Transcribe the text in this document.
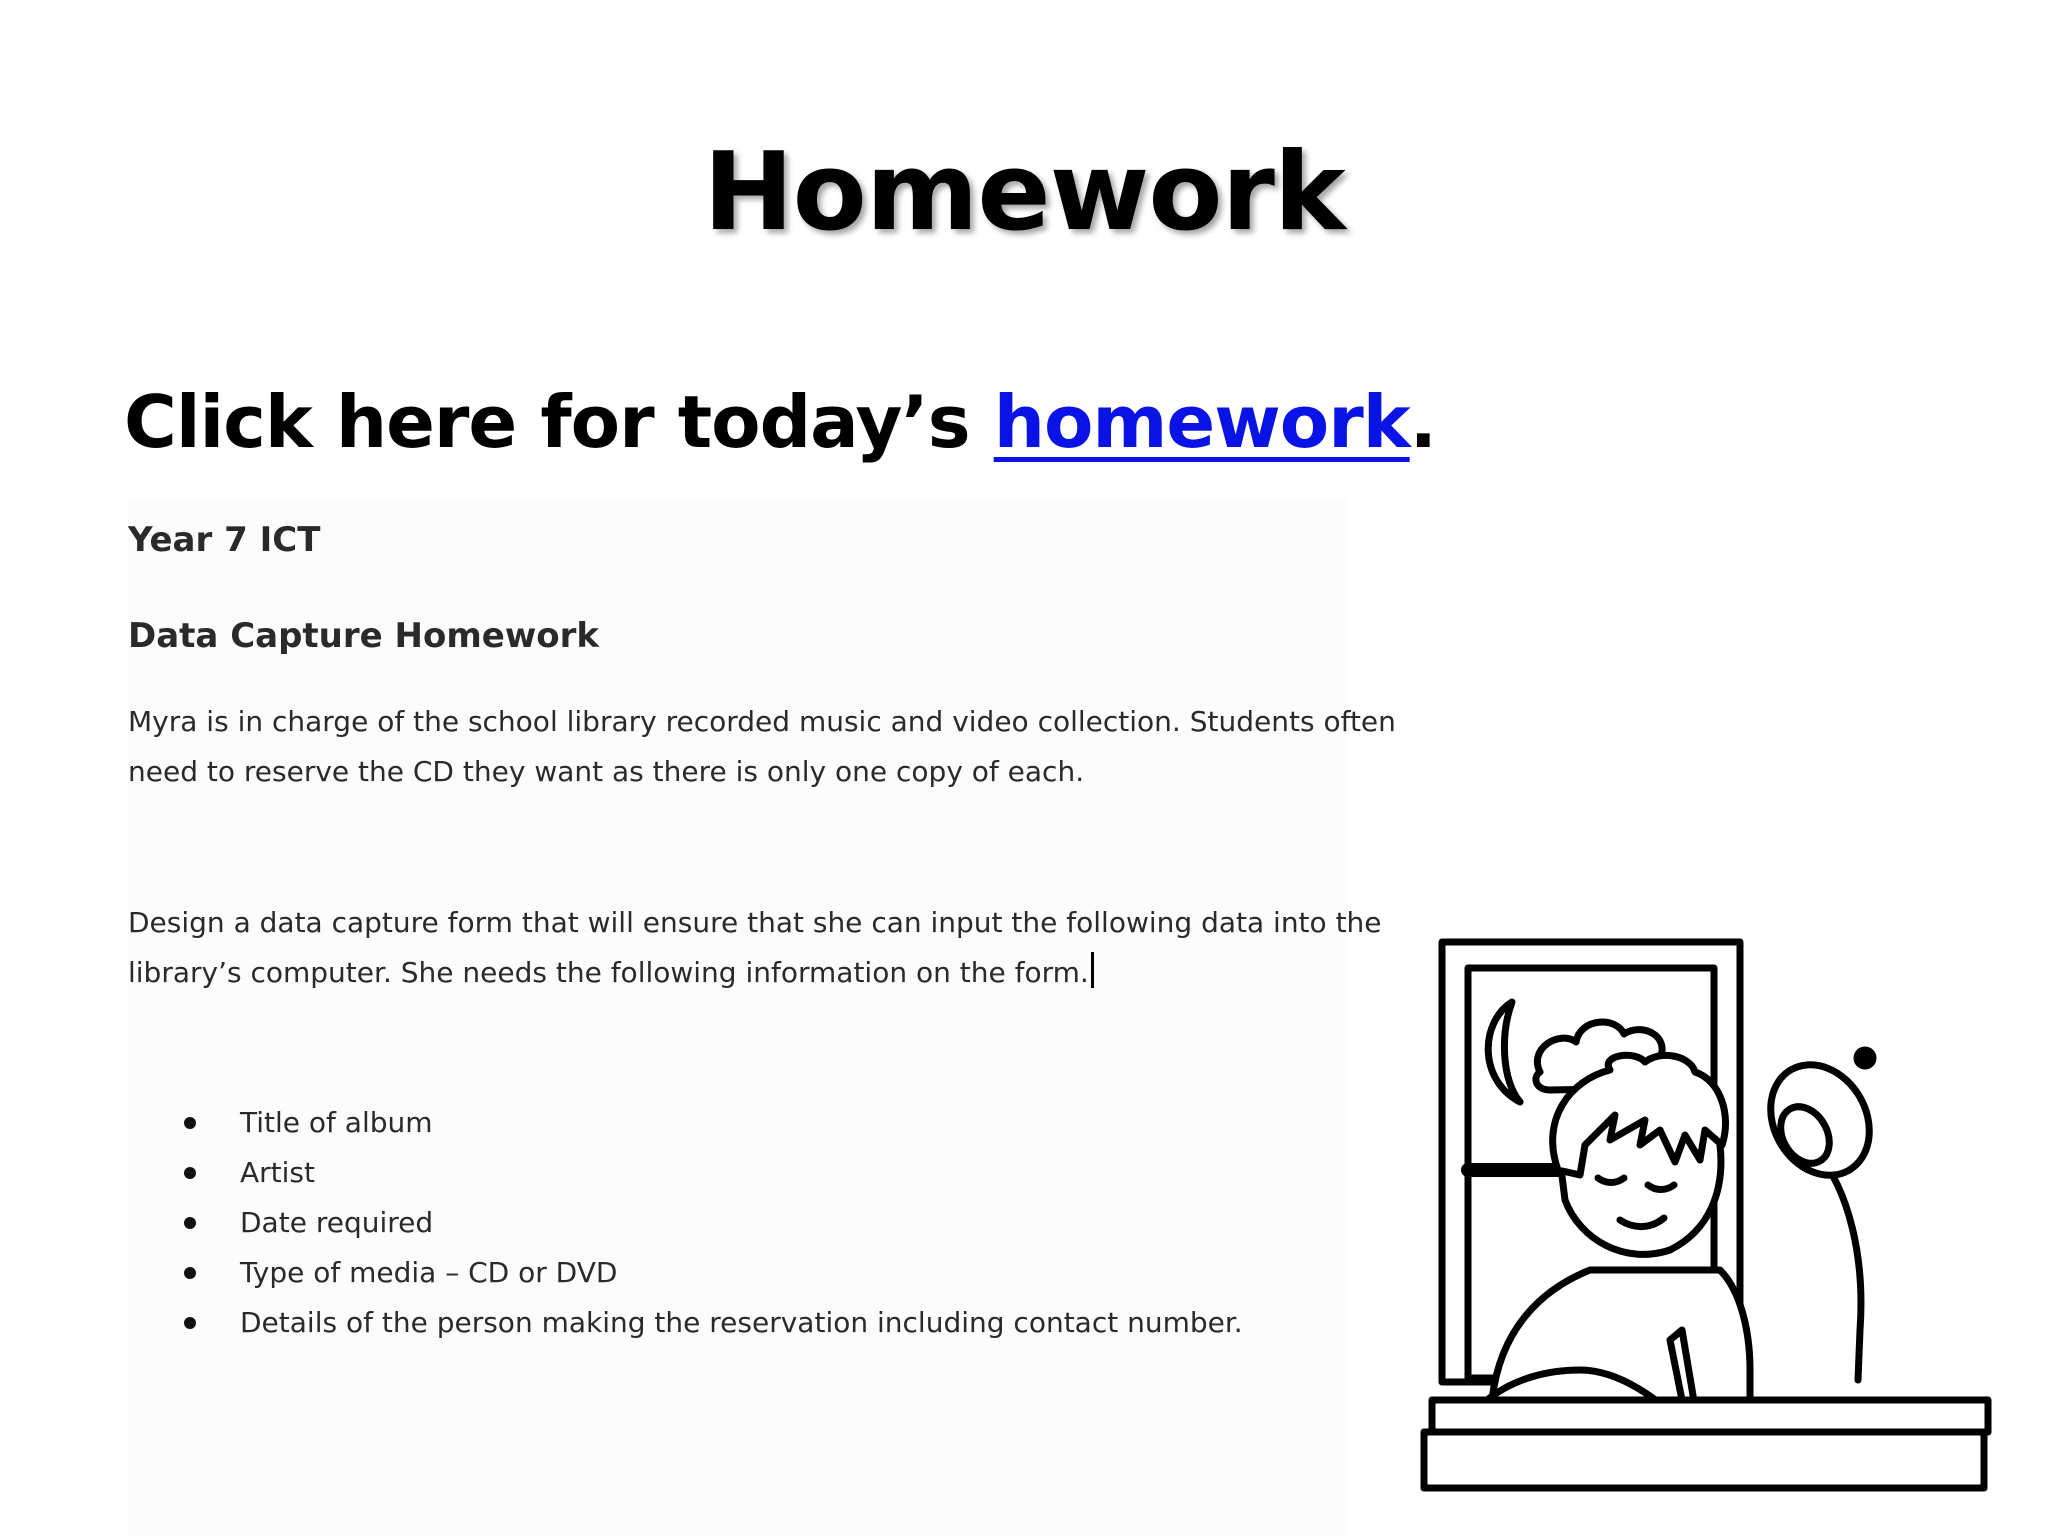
Homework

Click here for today’s homework.

Year 7 ICT
Data Capture Homework
Myra is in charge of the school library recorded music and video collection. Students often
need to reserve the CD they want as there is only one copy of each.
Design a data capture form that will ensure that she can input the following data into the
library’s computer. She needs the following information on the form.
Title of album
Artist
Date required
Type of media – CD or DVD
Details of the person making the reservation including contact number.
